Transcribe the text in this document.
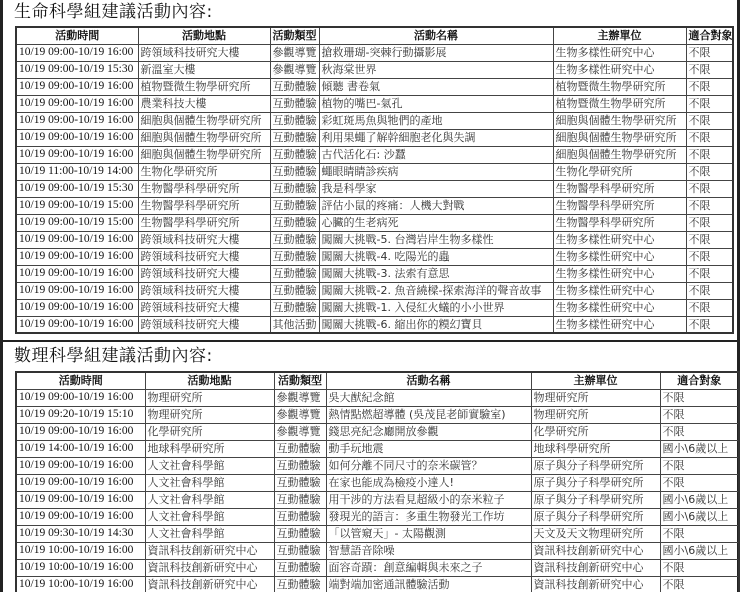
生命科學組建議活動內容:
活動時間	活動地點	活動類型	活動名稱	主辦單位	適合對象
10/19 09:00-10/19 16:00	跨領域科技研究大樓	參觀導覽	搶救珊瑚-突棘行動攝影展	生物多樣性研究中心	不限
10/19 09:00-10/19 15:30	新溫室大樓	參觀導覽	秋海棠世界	生物多樣性研究中心	不限
10/19 09:00-10/19 16:00	植物暨微生物學研究所	互動體驗	傾聽 書卷氣	植物暨微生物學研究所	不限
10/19 09:00-10/19 16:00	農業科技大樓	互動體驗	植物的嘴巴-氣孔	植物暨微生物學研究所	不限
10/19 09:00-10/19 16:00	細胞與個體生物學研究所	互動體驗	彩虹斑馬魚與牠們的產地	細胞與個體生物學研究所	不限
10/19 09:00-10/19 16:00	細胞與個體生物學研究所	互動體驗	利用果蠅了解幹細胞老化與失調	細胞與個體生物學研究所	不限
10/19 09:00-10/19 16:00	細胞與個體生物學研究所	互動體驗	古代活化石: 沙蠶	細胞與個體生物學研究所	不限
10/19 11:00-10/19 14:00	生物化學研究所	互動體驗	蠅眼睛睛診疾病	生物化學研究所	不限
10/19 09:00-10/19 15:30	生物醫學科學研究所	互動體驗	我是科學家	生物醫學科學研究所	不限
10/19 09:00-10/19 15:00	生物醫學科學研究所	互動體驗	評估小鼠的疼痛：人機大對戰	生物醫學科學研究所	不限
10/19 09:00-10/19 15:00	生物醫學科學研究所	互動體驗	心臟的生老病死	生物醫學科學研究所	不限
10/19 09:00-10/19 16:00	跨領域科技研究大樓	互動體驗	闖關大挑戰-5. 台灣岩岸生物多樣性	生物多樣性研究中心	不限
10/19 09:00-10/19 16:00	跨領域科技研究大樓	互動體驗	闖關大挑戰-4. 吃陽光的蟲	生物多樣性研究中心	不限
10/19 09:00-10/19 16:00	跨領域科技研究大樓	互動體驗	闖關大挑戰-3. 法索有意思	生物多樣性研究中心	不限
10/19 09:00-10/19 16:00	跨領域科技研究大樓	互動體驗	闖關大挑戰-2. 魚音繞樑-探索海洋的聲音故事	生物多樣性研究中心	不限
10/19 09:00-10/19 16:00	跨領域科技研究大樓	互動體驗	闖關大挑戰-1. 入侵紅火蟻的小小世界	生物多樣性研究中心	不限
10/19 09:00-10/19 16:00	跨領域科技研究大樓	其他活動	闖關大挑戰-6. 縮出你的糢幻寶貝	生物多樣性研究中心	不限
數理科學組建議活動內容:
活動時間	活動地點	活動類型	活動名稱	主辦單位	適合對象
10/19 09:00-10/19 16:00	物理研究所	參觀導覽	吳大猷紀念館	物理研究所	不限
10/19 09:20-10/19 15:10	物理研究所	參觀導覽	熱情點燃超導體 (吳茂昆老師實驗室)	物理研究所	不限
10/19 09:00-10/19 16:00	化學研究所	參觀導覽	錢思亮紀念廳開放參觀	化學研究所	不限
10/19 14:00-10/19 16:00	地球科學研究所	互動體驗	動手玩地震	地球科學研究所	國小\6歲以上
10/19 09:00-10/19 16:00	人文社會科學館	互動體驗	如何分離不同尺寸的奈米碳管？	原子與分子科學研究所	不限
10/19 09:00-10/19 16:00	人文社會科學館	互動體驗	在家也能成為檢疫小達人!	原子與分子科學研究所	不限
10/19 09:00-10/19 16:00	人文社會科學館	互動體驗	用干涉的方法看見超級小的奈米粒子	原子與分子科學研究所	國小\6歲以上
10/19 09:00-10/19 16:00	人文社會科學館	互動體驗	發現光的語言：多重生物發光工作坊	原子與分子科學研究所	國小\6歲以上
10/19 09:30-10/19 14:30	人文社會科學館	互動體驗	「以管窺天」- 太陽觀測	天文及天文物理研究所	不限
10/19 10:00-10/19 16:00	資訊科技創新研究中心	互動體驗	智慧語音除噪	資訊科技創新研究中心	國小\6歲以上
10/19 10:00-10/19 16:00	資訊科技創新研究中心	互動體驗	面容奇蹟：創意編輯與未來之子	資訊科技創新研究中心	不限
10/19 10:00-10/19 16:00	資訊科技創新研究中心	互動體驗	端對端加密通訊體驗活動	資訊科技創新研究中心	不限
